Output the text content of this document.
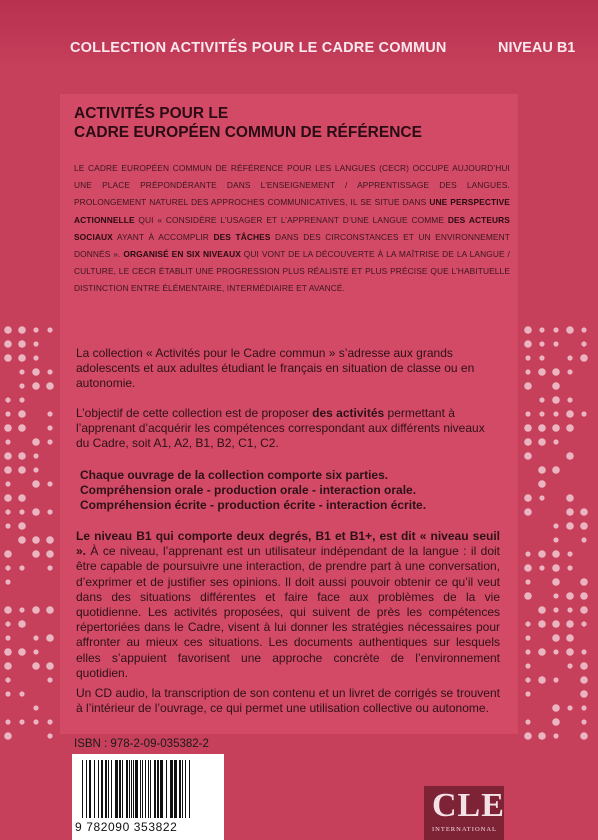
COLLECTION ACTIVITÉS POUR LE CADRE COMMUN	NIVEAU B1
ACTIVITÉS POUR LE
CADRE EUROPÉEN COMMUN DE RÉFÉRENCE
LE CADRE EUROPÉEN COMMUN DE RÉFÉRENCE POUR LES LANGUES (CECR) OCCUPE AUJOURD’HUI UNE PLACE PRÉPONDÉRANTE DANS L’ENSEIGNEMENT / APPRENTISSAGE DES LANGUES. PROLONGEMENT NATUREL DES APPROCHES COMMUNICATIVES, IL SE SITUE DANS UNE PERSPECTIVE ACTIONNELLE QUI « CONSIDÈRE L’USAGER ET L’APPRENANT D’UNE LANGUE COMME DES ACTEURS SOCIAUX AYANT À ACCOMPLIR DES TÂCHES DANS DES CIRCONSTANCES ET UN ENVIRONNEMENT DONNÉS ». ORGANISÉ EN SIX NIVEAUX QUI VONT DE LA DÉCOUVERTE À LA MAÎTRISE DE LA LANGUE / CULTURE, LE CECR ÉTABLIT UNE PROGRESSION PLUS RÉALISTE ET PLUS PRÉCISE QUE L’HABITUELLE DISTINCTION ENTRE ÉLÉMENTAIRE, INTERMÉDIAIRE ET AVANCÉ.
La collection « Activités pour le Cadre commun » s’adresse aux grands adolescents et aux adultes étudiant le français en situation de classe ou en autonomie.
L’objectif de cette collection est de proposer des activités permettant à l’apprenant d’acquérir les compétences correspondant aux différents niveaux du Cadre, soit A1, A2, B1, B2, C1, C2.
Chaque ouvrage de la collection comporte six parties.
Compréhension orale - production orale - interaction orale.
Compréhension écrite - production écrite - interaction écrite.
Le niveau B1 qui comporte deux degrés, B1 et B1+, est dit « niveau seuil ». À ce niveau, l’apprenant est un utilisateur indépendant de la langue : il doit être capable de poursuivre une interaction, de prendre part à une conversation, d’exprimer et de justifier ses opinions. Il doit aussi pouvoir obtenir ce qu’il veut dans des situations différentes et faire face aux problèmes de la vie quotidienne. Les activités proposées, qui suivent de près les compétences répertoriées dans le Cadre, visent à lui donner les stratégies nécessaires pour affronter au mieux ces situations. Les documents authentiques sur lesquels elles s’appuient favorisent une approche concrète de l’environnement quotidien.
Un CD audio, la transcription de son contenu et un livret de corrigés se trouvent à l’intérieur de l’ouvrage, ce qui permet une utilisation collective ou autonome.
ISBN : 978-2-09-035382-2
9 782090 353822
CLE
INTERNATIONAL
